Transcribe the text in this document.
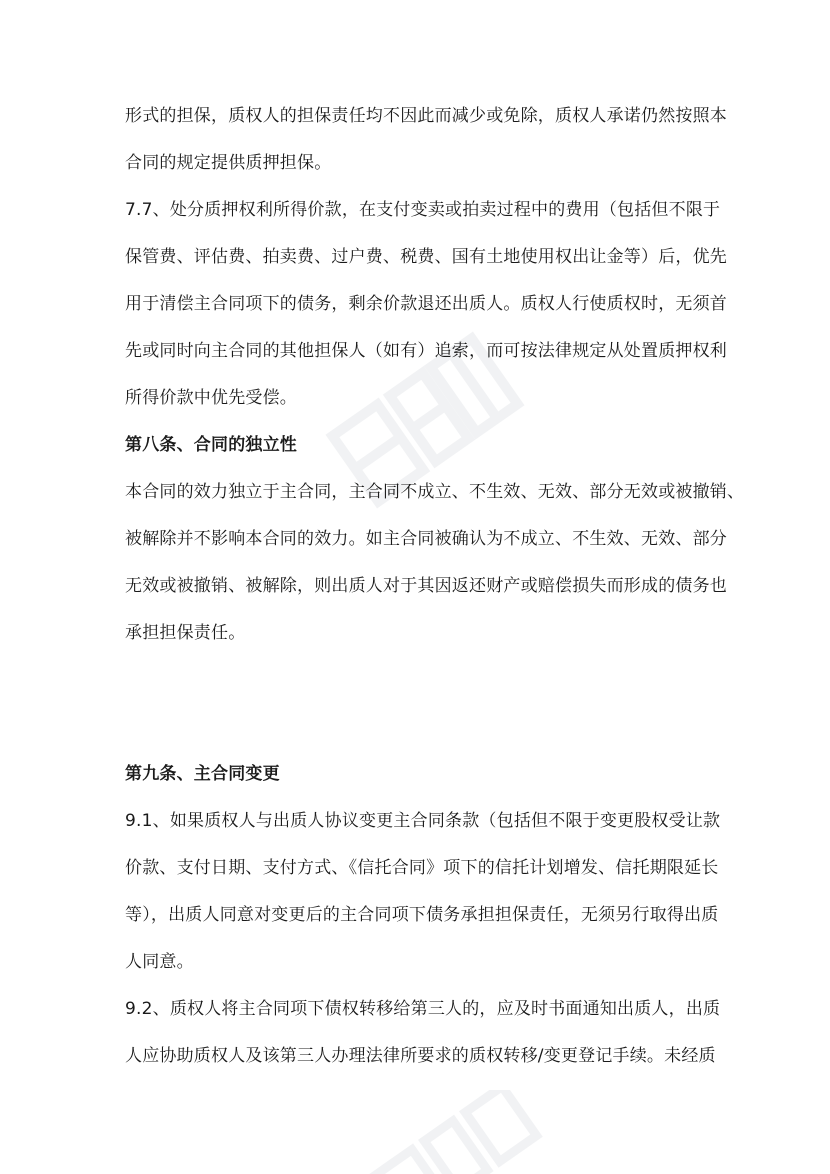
形式的担保，质权人的担保责任均不因此而减少或免除，质权人承诺仍然按照本
合同的规定提供质押担保。
7.7、处分质押权利所得价款，在支付变卖或拍卖过程中的费用（包括但不限于
保管费、评估费、拍卖费、过户费、税费、国有土地使用权出让金等）后，优先
用于清偿主合同项下的债务，剩余价款退还出质人。质权人行使质权时，无须首
先或同时向主合同的其他担保人（如有）追索，而可按法律规定从处置质押权利
所得价款中优先受偿。
第八条、合同的独立性
本合同的效力独立于主合同，主合同不成立、不生效、无效、部分无效或被撤销、
被解除并不影响本合同的效力。如主合同被确认为不成立、不生效、无效、部分
无效或被撤销、被解除，则出质人对于其因返还财产或赔偿损失而形成的债务也
承担担保责任。
第九条、主合同变更
9.1、如果质权人与出质人协议变更主合同条款（包括但不限于变更股权受让款
价款、支付日期、支付方式、《信托合同》项下的信托计划增发、信托期限延长
等），出质人同意对变更后的主合同项下债务承担担保责任，无须另行取得出质
人同意。
9.2、质权人将主合同项下债权转移给第三人的，应及时书面通知出质人，出质
人应协助质权人及该第三人办理法律所要求的质权转移/变更登记手续。未经质
